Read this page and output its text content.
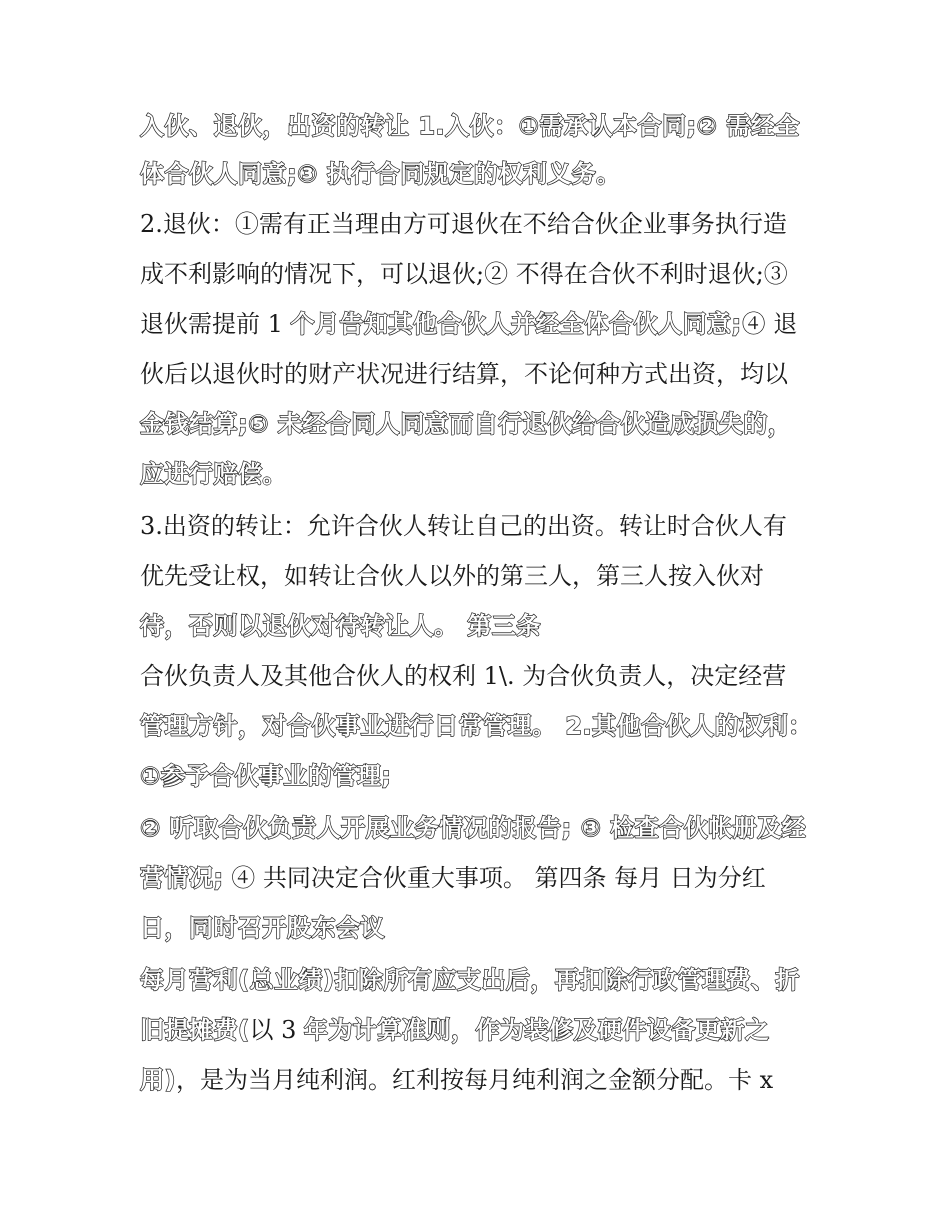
入伙、退伙，出资的转让 1.入伙：①需承认本合同;② 需经全
体合伙人同意;③ 执行合同规定的权利义务。
2.退伙：①需有正当理由方可退伙在不给合伙企业事务执行造
成不利影响的情况下，可以退伙;② 不得在合伙不利时退伙;③
退伙需提前 1 个月告知其他合伙人并经全体合伙人同意;④ 退
伙后以退伙时的财产状况进行结算，不论何种方式出资，均以
金钱结算;⑤ 未经合同人同意而自行退伙给合伙造成损失的，
应进行赔偿。
3.出资的转让：允许合伙人转让自己的出资。转让时合伙人有
优先受让权，如转让合伙人以外的第三人，第三人按入伙对
待，否则以退伙对待转让人。 第三条
合伙负责人及其他合伙人的权利 1\. 为合伙负责人，决定经营
管理方针，对合伙事业进行日常管理。 2.其他合伙人的权利：
①参予合伙事业的管理;
② 听取合伙负责人开展业务情况的报告; ③ 检查合伙帐册及经
营情况; ④ 共同决定合伙重大事项。 第四条 每月 日为分红
日，同时召开股东会议
每月营利(总业绩)扣除所有应支出后，再扣除行政管理费、折
旧提摊费(以 3 年为计算准则，作为装修及硬件设备更新之
用)，是为当月纯利润。红利按每月纯利润之金额分配。卡 x
